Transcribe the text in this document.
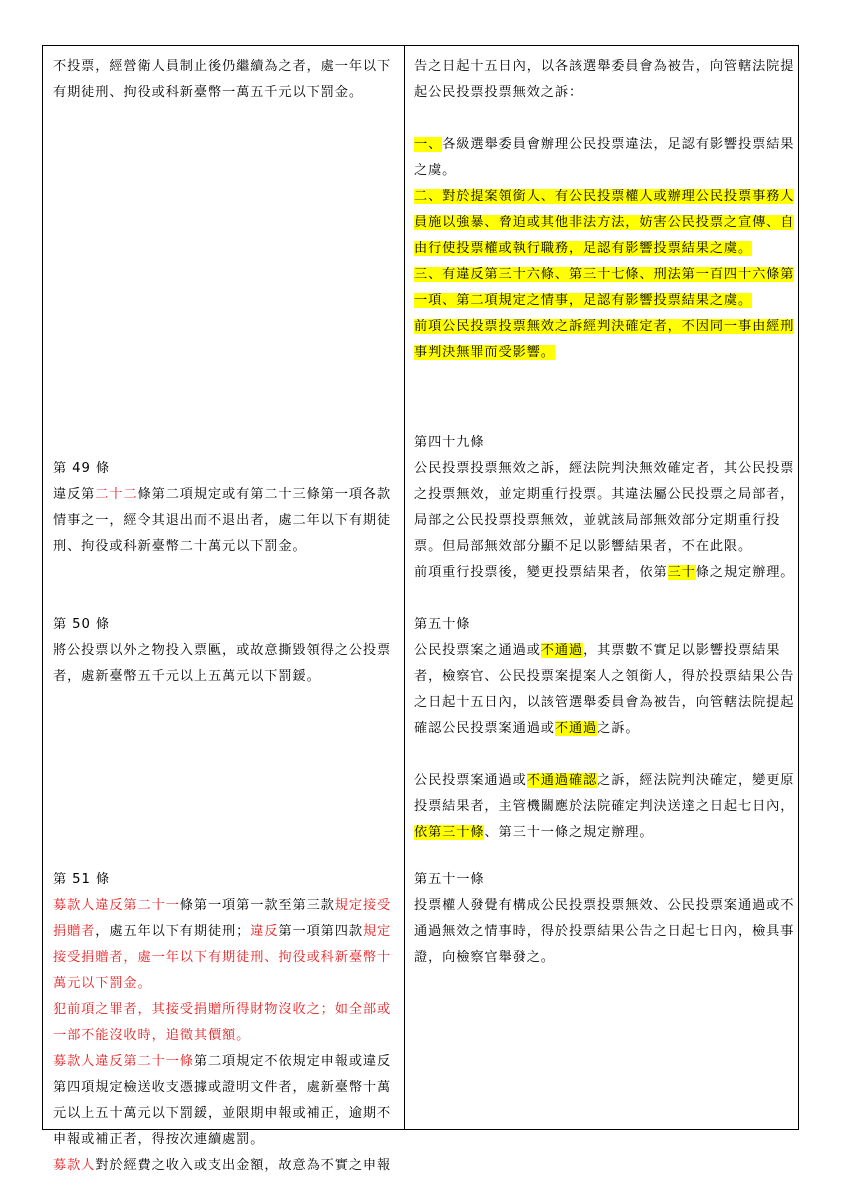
不投票，經營衛人員制止後仍繼續為之者，處一年以下有期徒刑、拘役或科新臺幣一萬五千元以下罰金。

第 49 條

違反第二十二條第二項規定或有第二十三條第一項各款情事之一，經令其退出而不退出者，處二年以下有期徒刑、拘役或科新臺幣二十萬元以下罰金。

第 50 條

將公投票以外之物投入票匭，或故意撕毀領得之公投票者，處新臺幣五千元以上五萬元以下罰鍰。

第 51 條

募款人違反第二十一條第一項第一款至第三款規定接受捐贈者，處五年以下有期徒刑；違反第一項第四款規定接受捐贈者，處一年以下有期徒刑、拘役或科新臺幣十萬元以下罰金。

犯前項之罪者，其接受捐贈所得財物沒收之；如全部或一部不能沒收時，追徵其價額。

募款人違反第二十一條第二項規定不依規定申報或違反第四項規定檢送收支憑據或證明文件者，處新臺幣十萬元以上五十萬元以下罰鍰，並限期申報或補正，逾期不申報或補正者，得按次連續處罰。

募款人對於經費之收入或支出金額，故意為不實之申報

告之日起十五日內，以各該選舉委員會為被告，向管轄法院提起公民投票投票無效之訴：

一、各級選舉委員會辦理公民投票違法，足認有影響投票結果之虞。

二、對於提案領銜人、有公民投票權人或辦理公民投票事務人員施以強暴、脅迫或其他非法方法，妨害公民投票之宣傳、自由行使投票權或執行職務，足認有影響投票結果之虞。

三、有違反第三十六條、第三十七條、刑法第一百四十六條第一項、第二項規定之情事，足認有影響投票結果之虞。

前項公民投票投票無效之訴經判決確定者，不因同一事由經刑事判決無罪而受影響。

第四十九條

公民投票投票無效之訴，經法院判決無效確定者，其公民投票之投票無效，並定期重行投票。其違法屬公民投票之局部者，局部之公民投票投票無效，並就該局部無效部分定期重行投票。但局部無效部分顯不足以影響結果者，不在此限。

前項重行投票後，變更投票結果者，依第三十條之規定辦理。

第五十條

公民投票案之通過或不通過，其票數不實足以影響投票結果者，檢察官、公民投票案提案人之領銜人，得於投票結果公告之日起十五日內，以該管選舉委員會為被告，向管轄法院提起確認公民投票案通過或不通過之訴。

公民投票案通過或不通過確認之訴，經法院判決確定，變更原投票結果者，主管機關應於法院確定判決送達之日起七日內，依第三十條、第三十一條之規定辦理。

第五十一條

投票權人發覺有構成公民投票投票無效、公民投票案通過或不通過無效之情事時，得於投票結果公告之日起七日內，檢具事證，向檢察官舉發之。
